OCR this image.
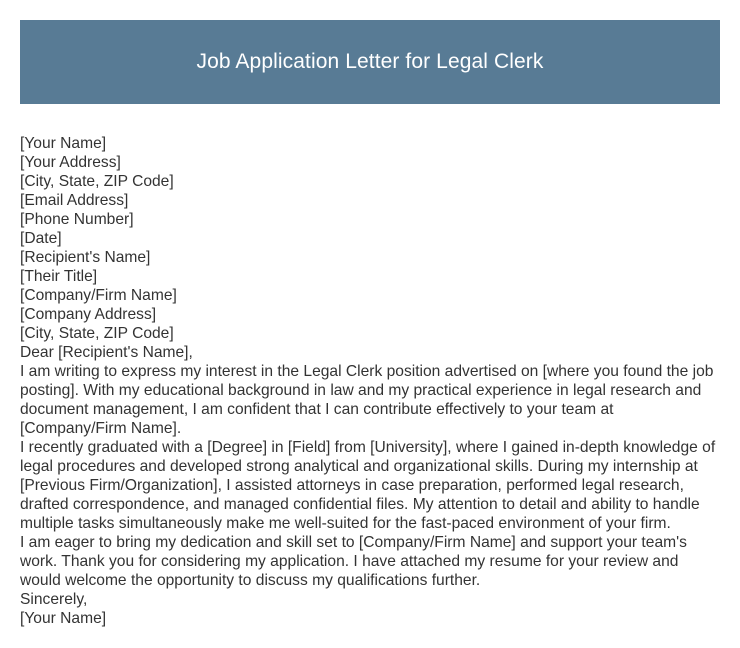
Job Application Letter for Legal Clerk
[Your Name]
[Your Address]
[City, State, ZIP Code]
[Email Address]
[Phone Number]
[Date]
[Recipient's Name]
[Their Title]
[Company/Firm Name]
[Company Address]
[City, State, ZIP Code]
Dear [Recipient's Name],
I am writing to express my interest in the Legal Clerk position advertised on [where you found the job posting]. With my educational background in law and my practical experience in legal research and document management, I am confident that I can contribute effectively to your team at [Company/Firm Name].
I recently graduated with a [Degree] in [Field] from [University], where I gained in-depth knowledge of legal procedures and developed strong analytical and organizational skills. During my internship at [Previous Firm/Organization], I assisted attorneys in case preparation, performed legal research, drafted correspondence, and managed confidential files. My attention to detail and ability to handle multiple tasks simultaneously make me well-suited for the fast-paced environment of your firm.
I am eager to bring my dedication and skill set to [Company/Firm Name] and support your team's work. Thank you for considering my application. I have attached my resume for your review and would welcome the opportunity to discuss my qualifications further.
Sincerely,
[Your Name]
